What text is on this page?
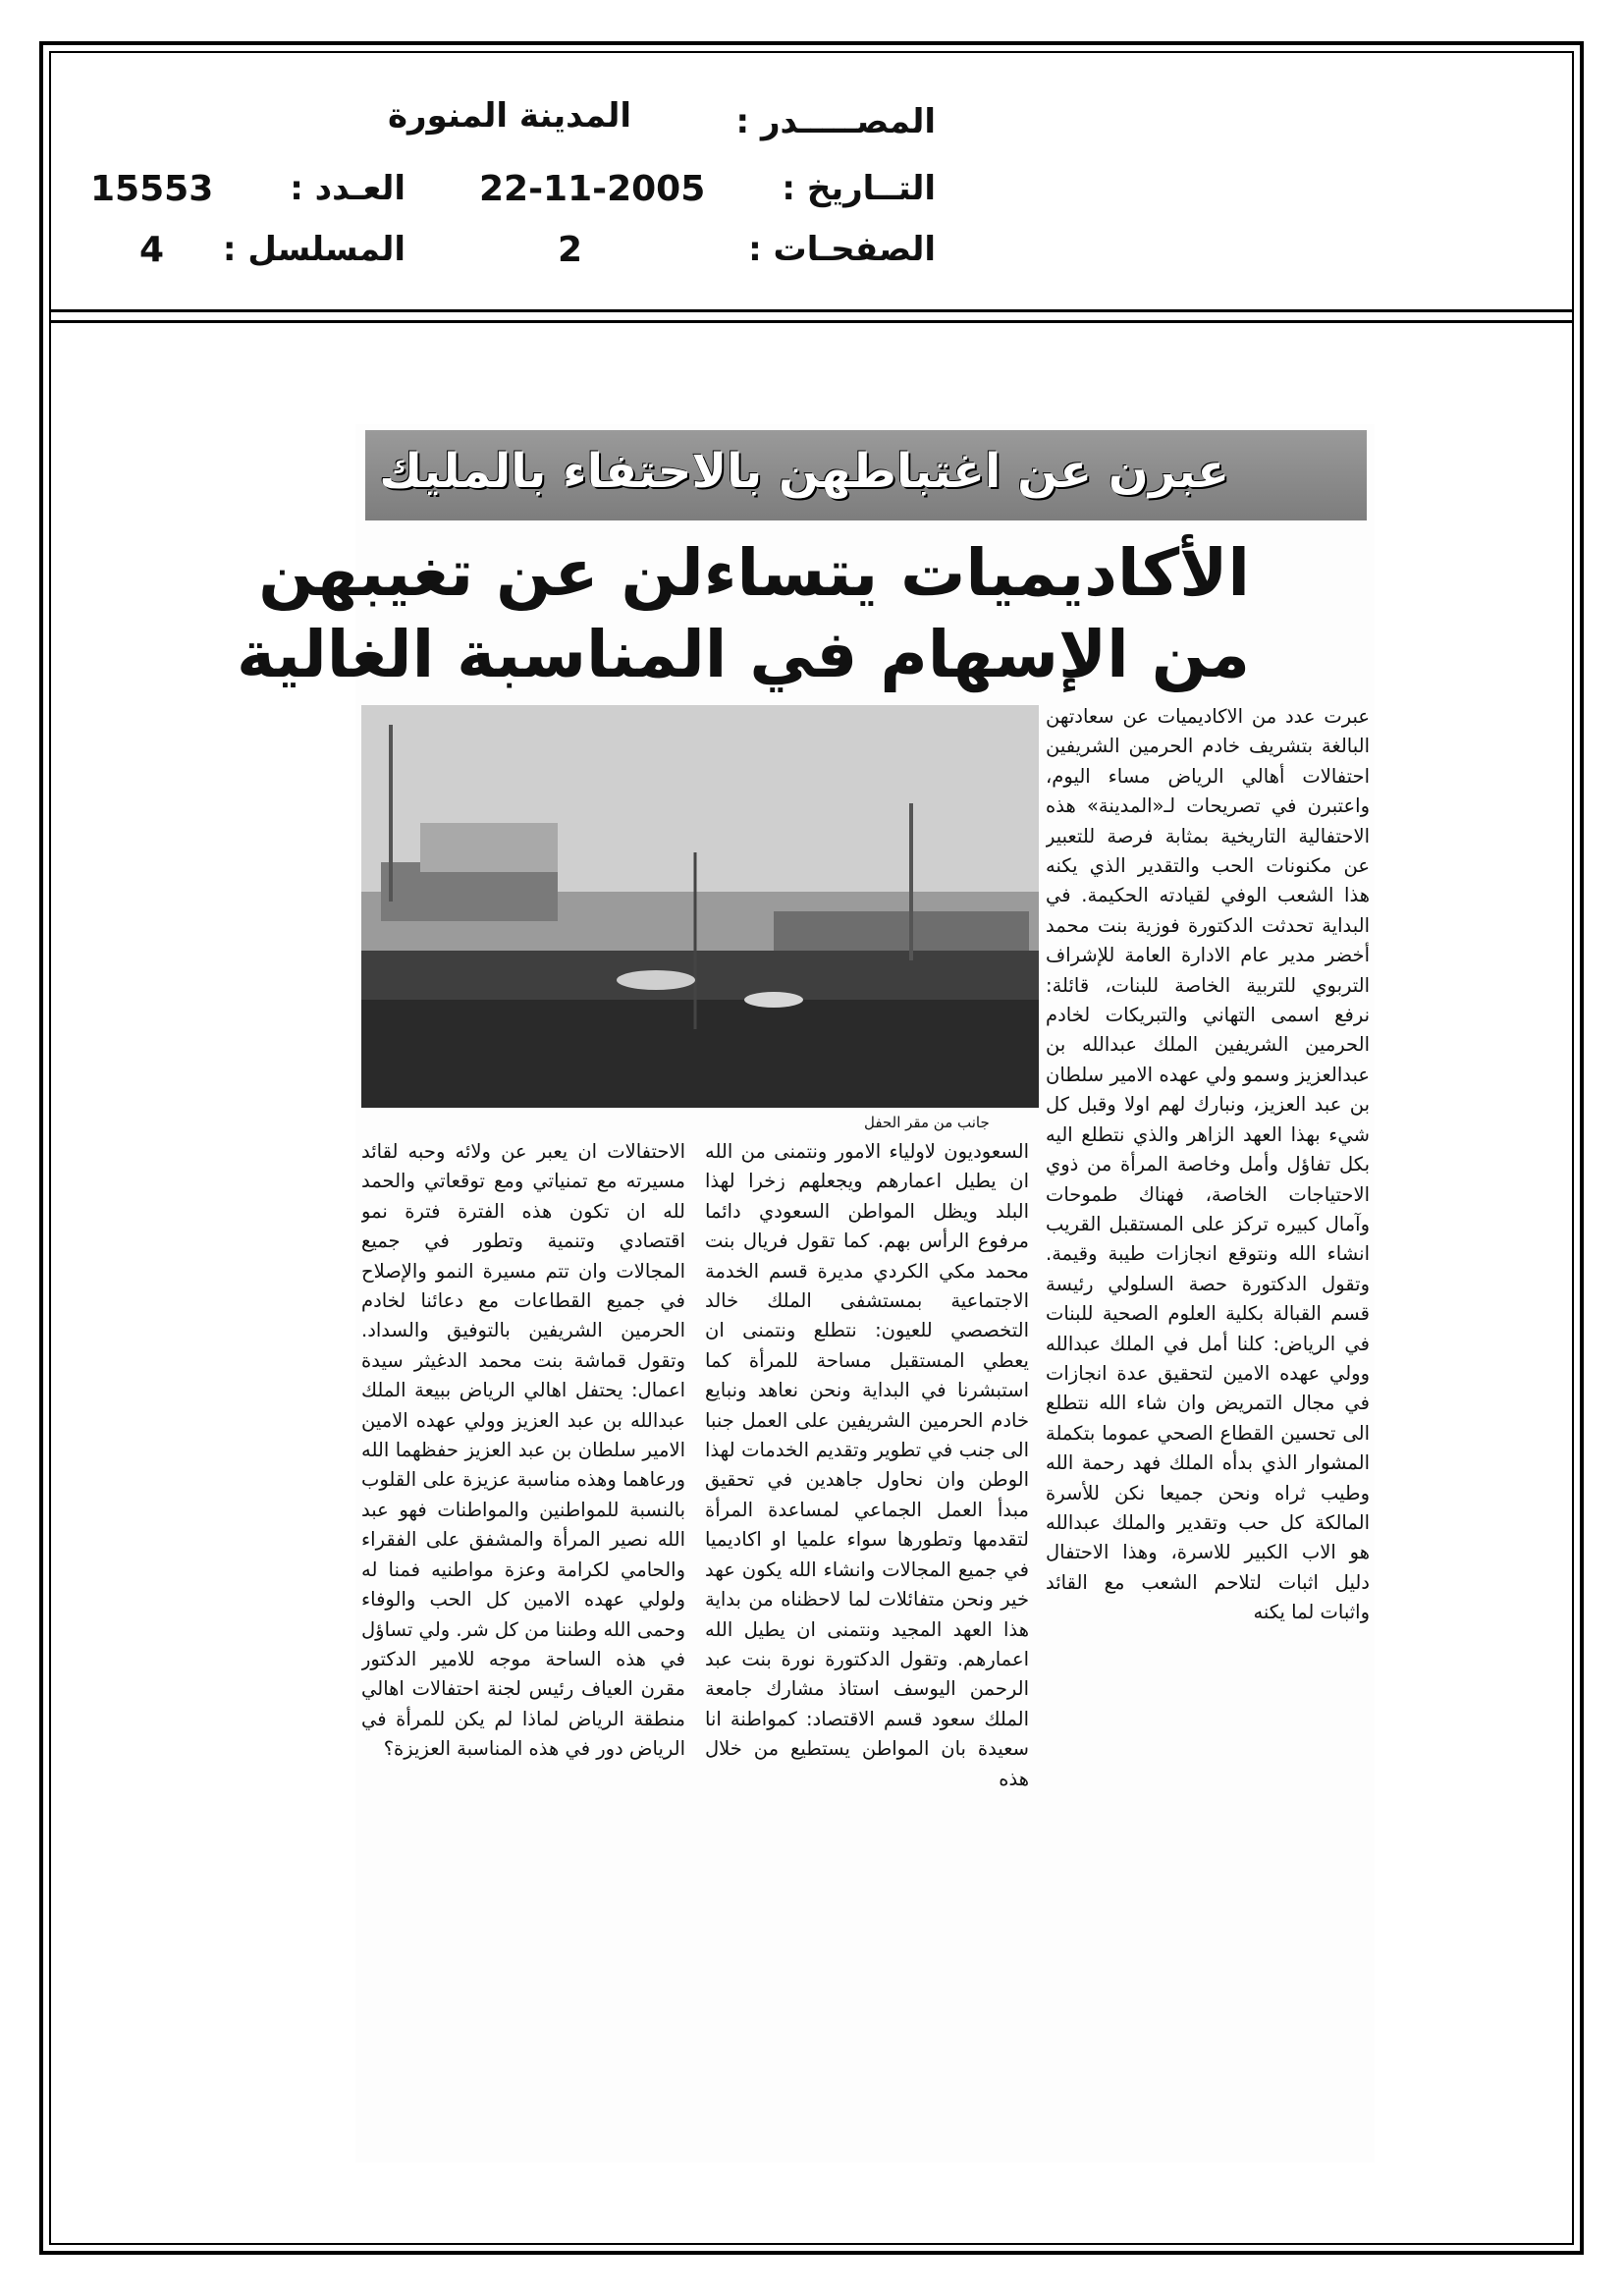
المصـــــدر :
المدينة المنورة
التــاريخ :
22-11-2005
العـدد :
15553
الصفحـات :
2
المسلسل :
4
عبرن عن اغتباطهن بالاحتفاء بالمليك
الأكاديميات يتساءلن عن تغيبهن
من الإسهام في المناسبة الغالية
جانب من مقر الحفل

عبرت عدد من الاكاديميات عن سعادتهن البالغة بتشريف خادم الحرمين الشريفين احتفالات أهالي الرياض مساء اليوم، واعتبرن في تصريحات لـ«المدينة» هذه الاحتفالية التاريخية بمثابة فرصة للتعبير عن مكنونات الحب والتقدير الذي يكنه هذا الشعب الوفي لقيادته الحكيمة. في البداية تحدثت الدكتورة فوزية بنت محمد أخضر مدير عام الادارة العامة للإشراف التربوي للتربية الخاصة للبنات، قائلة: نرفع اسمى التهاني والتبريكات لخادم الحرمين الشريفين الملك عبدالله بن عبدالعزيز وسمو ولي عهده الامير سلطان بن عبد العزيز، ونبارك لهم اولا وقبل كل شيء بهذا العهد الزاهر والذي نتطلع اليه بكل تفاؤل وأمل وخاصة المرأة من ذوي الاحتياجات الخاصة، فهناك طموحات وآمال كبيره تركز على المستقبل القريب انشاء الله ونتوقع انجازات طيبة وقيمة. وتقول الدكتورة حصة السلولي رئيسة قسم القبالة بكلية العلوم الصحية للبنات في الرياض: كلنا أمل في الملك عبدالله وولي عهده الامين لتحقيق عدة انجازات في مجال التمريض وان شاء الله نتطلع الى تحسين القطاع الصحي عموما بتكملة المشوار الذي بدأه الملك فهد رحمة الله وطيب ثراه ونحن جميعا نكن للأسرة المالكة كل حب وتقدير والملك عبدالله هو الاب الكبير للاسرة، وهذا الاحتفال دليل اثبات لتلاحم الشعب مع القائد واثبات لما يكنه

السعوديون لاولياء الامور ونتمنى من الله ان يطيل اعمارهم ويجعلهم زخرا لهذا البلد ويظل المواطن السعودي دائما مرفوع الرأس بهم. كما تقول فريال بنت محمد مكي الكردي مديرة قسم الخدمة الاجتماعية بمستشفى الملك خالد التخصصي للعيون: نتطلع ونتمنى ان يعطي المستقبل مساحة للمرأة كما استبشرنا في البداية ونحن نعاهد ونبايع خادم الحرمين الشريفين على العمل جنبا الى جنب في تطوير وتقديم الخدمات لهذا الوطن وان نحاول جاهدين في تحقيق مبدأ العمل الجماعي لمساعدة المرأة لتقدمها وتطورها سواء علميا او اكاديميا في جميع المجالات وانشاء الله يكون عهد خير ونحن متفائلات لما لاحظناه من بداية هذا العهد المجيد ونتمنى ان يطيل الله اعمارهم. وتقول الدكتورة نورة بنت عبد الرحمن اليوسف استاذ مشارك جامعة الملك سعود قسم الاقتصاد: كمواطنة انا سعيدة بان المواطن يستطيع من خلال هذه

الاحتفالات ان يعبر عن ولائه وحبه لقائد مسيرته مع تمنياتي ومع توقعاتي والحمد لله ان تكون هذه الفترة فترة نمو اقتصادي وتنمية وتطور في جميع المجالات وان تتم مسيرة النمو والإصلاح في جميع القطاعات مع دعائنا لخادم الحرمين الشريفين بالتوفيق والسداد. وتقول قماشة بنت محمد الدغيثر سيدة اعمال: يحتفل اهالي الرياض ببيعة الملك عبدالله بن عبد العزيز وولي عهده الامين الامير سلطان بن عبد العزيز حفظهما الله ورعاهما وهذه مناسبة عزيزة على القلوب بالنسبة للمواطنين والمواطنات فهو عبد الله نصير المرأة والمشفق على الفقراء والحامي لكرامة وعزة مواطنيه فمنا له ولولي عهده الامين كل الحب والوفاء وحمى الله وطننا من كل شر. ولي تساؤل في هذه الساحة موجه للامير الدكتور مقرن العياف رئيس لجنة احتفالات اهالي منطقة الرياض لماذا لم يكن للمرأة في الرياض دور في هذه المناسبة العزيزة؟
